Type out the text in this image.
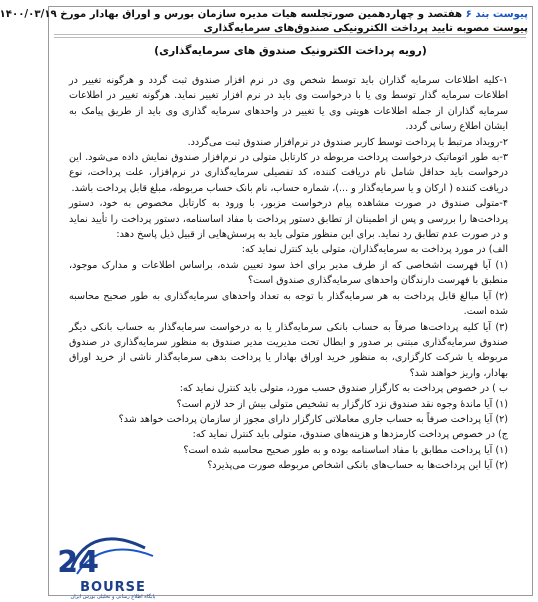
پیوست بند ۶ هفتصد و چهاردهمین صورتجلسه هیات مدیره سازمان بورس و اوراق بهادار مورخ ۱۴۰۰/۰۳/۱۹
پیوست مصوبه تایید پرداخت الکترونیکی صندوق‌های سرمایه‌گذاری
(رویه پرداخت الکترونیک صندوق های سرمایه‌گذاری)

۱-کلیه اطلاعات سرمایه گذاران باید توسط شخص وی در نرم افزار صندوق ثبت گردد و هرگونه تغییر در اطلاعات سرمایه گذار توسط وی یا با درخواست وی باید در نرم افزار تغییر نماید. هرگونه تغییر در اطلاعات سرمایه گذاران از جمله اطلاعات هویتی وی یا تغییر در واحدهای سرمایه گذاری وی باید از طریق پیامک به ایشان اطلاع رسانی گردد.

۲-رویداد مرتبط با پرداخت توسط کاربر صندوق در نرم‌افزار صندوق ثبت می‌گردد.

۳-به طور اتوماتیک درخواست پرداخت مربوطه در کارتابل متولی در نرم‌افزار صندوق نمایش داده می‌شود. این درخواست باید حداقل شامل نام دریافت کننده، کد تفصیلی سرمایه‌گذاری در نرم‌افزار، علت پرداخت، نوع دریافت کننده ( ارکان و یا سرمایه‌گذار و ...)، شماره حساب، نام بانک حساب مربوطه، مبلغ قابل پرداخت باشد.

۴-متولی صندوق در صورت مشاهده پیام درخواست مزبور، با ورود به کارتابل مخصوص به خود، دستور پرداخت‌ها را بررسی و پس از اطمینان از تطابق دستور پرداخت با مفاد اساسنامه، دستور پرداخت را تأیید نماید و در صورت عدم تطابق رد نماید. برای این منظور متولی باید به پرسش‌هایی از قبیل ذیل پاسخ دهد:

الف) در مورد پرداخت به سرمایه‌گذاران، متولی باید کنترل نماید که:

(۱) آیا فهرست اشخاصی که از طرف مدیر برای اخذ سود تعیین شده، براساس اطلاعات و مدارک موجود، منطبق با فهرست دارندگان واحدهای سرمایه‌گذاری صندوق است؟

(۲) آیا مبالغ قابل پرداخت به هر سرمایه‌گذار با توجه به تعداد واحدهای سرمایه‌گذاری به طور صحیح محاسبه شده است.

(۳) آیا کلیه پرداخت‌ها صرفاً به حساب بانکی سرمایه‌گذار یا به درخواست سرمایه‌گذار به حساب بانکی دیگر صندوق سرمایه‌گذاری مبتنی بر صدور و ابطال تحت مدیریت مدیر صندوق به منظور سرمایه‌گذاری در صندوق مربوطه یا شرکت کارگزاری، به منظور خرید اوراق بهادار یا پرداخت بدهی سرمایه‌گذار ناشی از خرید اوراق بهادار، واریز خواهند شد؟

ب ) در خصوص پرداخت به کارگزار صندوق حسب مورد، متولی باید کنترل نماید که:

(۱) آیا ماندۀ وجوه نقد صندوق نزد کارگزار به تشخیص متولی بیش از حد لازم است؟

(۲) آیا پرداخت صرفاً به حساب جاری معاملاتی کارگزار دارای مجوز از سازمان پرداخت خواهد شد؟

ج) در خصوص پرداخت کارمزدها و هزینه‌های صندوق، متولی باید کنترل نماید که:

(۱) آیا پرداخت مطابق با مفاد اساسنامه بوده و به طور صحیح محاسبه شده است؟

(۲) آیا این پرداخت‌ها به حساب‌های بانکی اشخاص مربوطه صورت می‌پذیرد؟

24
BOURSE
پایگاه اطلاع رسانی و تحلیلی بورس ایران
